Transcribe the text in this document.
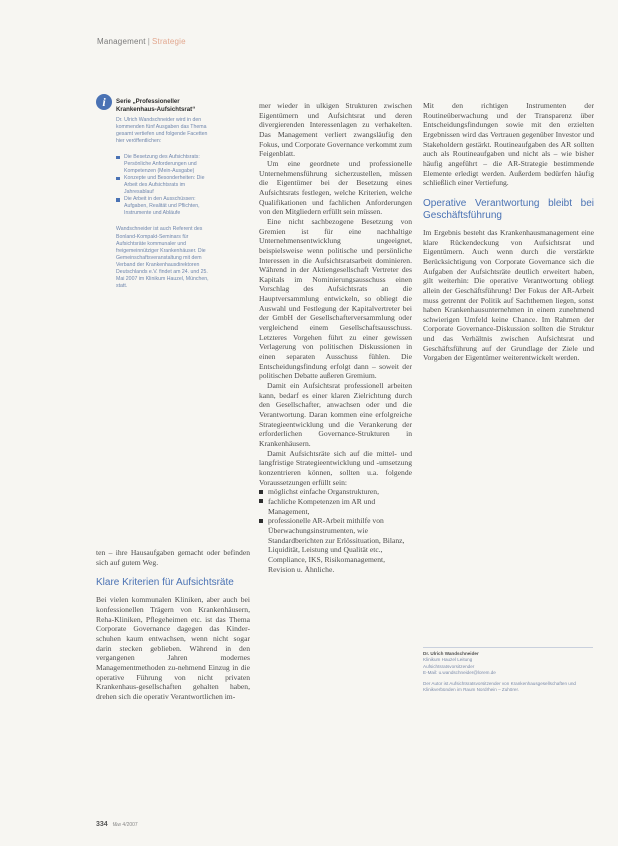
Management | Strategie
i	Serie „Professioneller Krankenhaus-Aufsichtsrat“

Dr. Ulrich Wandschneider wird in den kommenden fünf Ausgaben das Thema gesamt vertiefen und folgende Facetten hier veröffentlichen:

Die Besetzung des Aufsichtsrats: Persönliche Anforderungen und Kompetenzen (Mein-Ausgabe)
Konzepte und Besonderheiten: Die Arbeit des Aufsichtsrats im Jahresablauf
Die Arbeit in den Ausschüssen: Aufgaben, Realität und Pflichten, Instrumente und Abläufe

Wandschneider ist auch Referent des Bonland-Kompakt-Seminars für Aufsichtsräte kommunaler und freigemeinnütziger Krankenhäuser. Die Gemeinschaftsveranstaltung mit dem Verband der Krankenhausdirektoren Deutschlands e.V. findet am 24. und 25. Mai 2007 im Klinikum Hauzel, München, statt.

ten – ihre Hausaufgaben gemacht oder befinden sich auf gutem Weg.

Klare Kriterien für Aufsichtsräte

Bei vielen kommunalen Kliniken, aber auch bei konfessionellen Trägern von Krankenhäusern, Reha-Kliniken, Pflegeheimen etc. ist das Thema Corporate Governance dagegen das Kinder-schuhen kaum entwachsen, wenn nicht sogar darin stecken geblieben. Während in den vergangenen Jahren modernes Managementmethoden zu-nehmend Einzug in die operative Führung von nicht privaten Krankenhaus-gesellschaften gehalten haben, drehen sich die operativ Verantwortlichen im-

mer wieder in ulkigen Strukturen zwischen Eigentümern und Aufsichtsrat und deren divergierenden Interessenlagen zu verhakelten. Das Management verliert zwangsläufig den Fokus, und Corporate Governance verkommt zum Feigenblatt.

Um eine geordnete und professionelle Unternehmensführung sicherzustellen, müssen die Eigentümer bei der Besetzung eines Aufsichtsrats festlegen, welche Kriterien, welche Qualifikationen und fachlichen Anforderungen von den Mitgliedern erfüllt sein müssen.

Eine nicht sachbezogene Besetzung von Gremien ist für eine nachhaltige Unternehmensentwicklung ungeeignet, beispielsweise wenn politische und persönliche Interessen in die Aufsichtsratsarbeit dominieren. Während in der Aktiengesellschaft Vertreter des Kapitals im Nominierungsausschuss einen Vorschlag des Aufsichtsrats an die Hauptversammlung entwickeln, so obliegt die Auswahl und Festlegung der Kapitalvertreter bei der GmbH der Gesellschafterversammlung oder vergleichend einem Gesellschaftsausschuss. Letzteres Vorgehen führt zu einer gewissen Verlagerung von politischen Diskussionen in einen separaten Ausschuss fühlen. Die Entscheidungsfindung erfolgt dann – soweit der politischen Debatte außeren Gremium.

Damit ein Aufsichtsrat professionell arbeiten kann, bedarf es einer klaren Zielrichtung durch den Gesellschafter, anwachsen oder und die Verantwortung. Daran kommen eine erfolgreiche Strategieentwicklung und die Verankerung der erforderlichen Governance-Strukturen in Krankenhäusern.

Damit Aufsichtsräte sich auf die mittel- und langfristige Strategieentwicklung und -umsetzung konzentrieren können, sollten u.a. folgende Voraussetzungen erfüllt sein:

möglichst einfache Organstrukturen,
fachliche Kompetenzen im AR und Management,
professionelle AR-Arbeit mithilfe von Überwachungsinstrumenten, wie Standardberichten zur Erlössituation, Bilanz, Liquidität, Leistung und Qualität etc., Compliance, IKS, Risikomanagement, Revision u. Ähnliche.

Mit den richtigen Instrumenten der Routineüberwachung und der Transparenz über Entscheidungsfindungen sowie mit den erzielten Ergebnissen wird das Vertrauen gegenüber Investor und Stakeholdern gestärkt. Routineaufgaben des AR sollten auch als Routineaufgaben und nicht als – wie bisher häufig angeführt – die AR-Strategie bestimmende Elemente erledigt werden. Außerdem bedürfen häufig schließlich einer Vertiefung.

Operative Verantwortung bleibt bei Geschäftsführung

Im Ergebnis besteht das Krankenhausmanagement eine klare Rückendeckung von Aufsichtsrat und Eigentümern. Auch wenn durch die verstärkte Berücksichtigung von Corporate Governance sich die Aufgaben der Aufsichtsräte deutlich erweitert haben, gilt weiterhin: Die operative Verantwortung obliegt allein der Geschäftsführung! Der Fokus der AR-Arbeit muss getrennt der Politik auf Sachthemen liegen, sonst haben Krankenhausunternehmen in einem zunehmend schwierigen Umfeld keine Chance. Im Rahmen der Corporate Governance-Diskussion sollten die Struktur und das Verhältnis zwischen Aufsichtsrat und Geschäftsführung auf der Grundlage der Ziele und Vorgaben der Eigentümer weiterentwickelt werden.

Dr. Ulrich Wandschneider
Klinikum Hauzel Leitung
Aufsichtsratsvorsitzender
E-Mail: u.wandschneider@lorem.de
Der Autor ist Aufsichtsratsvorsitzender von Krankenhausgesellschaften und Klinikverbünden im Raum Nordrhein – Zuhörer.
334 f&w 4/2007
